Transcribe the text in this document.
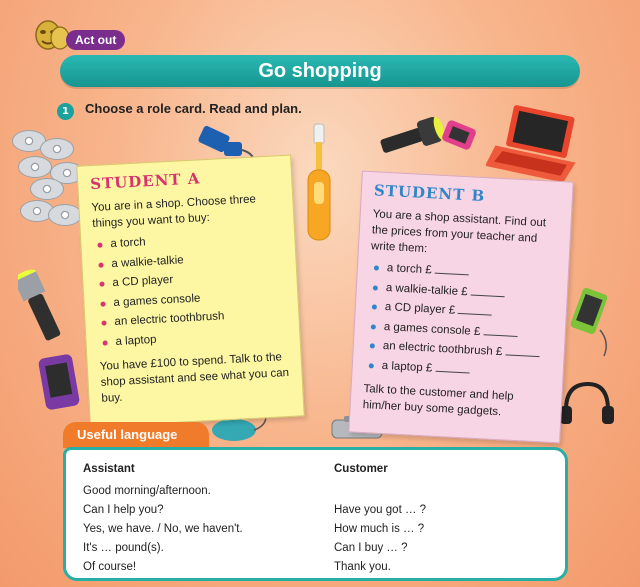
Act out
Go shopping
1	Choose a role card. Read and plan.
STUDENT A
You are in a shop. Choose three things you want to buy:
a torch
a walkie-talkie
a CD player
a games console
an electric toothbrush
a laptop
You have £100 to spend. Talk to the shop assistant and see what you can buy.
STUDENT B
You are a shop assistant. Find out the prices from your teacher and write them:
a torch £
a walkie-talkie £
a CD player £
a games console £
an electric toothbrush £
a laptop £
Talk to the customer and help him/her buy some gadgets.
Useful language
Assistant
Good morning/afternoon.
Can I help you?
Yes, we have. / No, we haven't.
It's … pound(s).
Of course!
Customer
Have you got … ?
How much is … ?
Can I buy … ?
Thank you.
